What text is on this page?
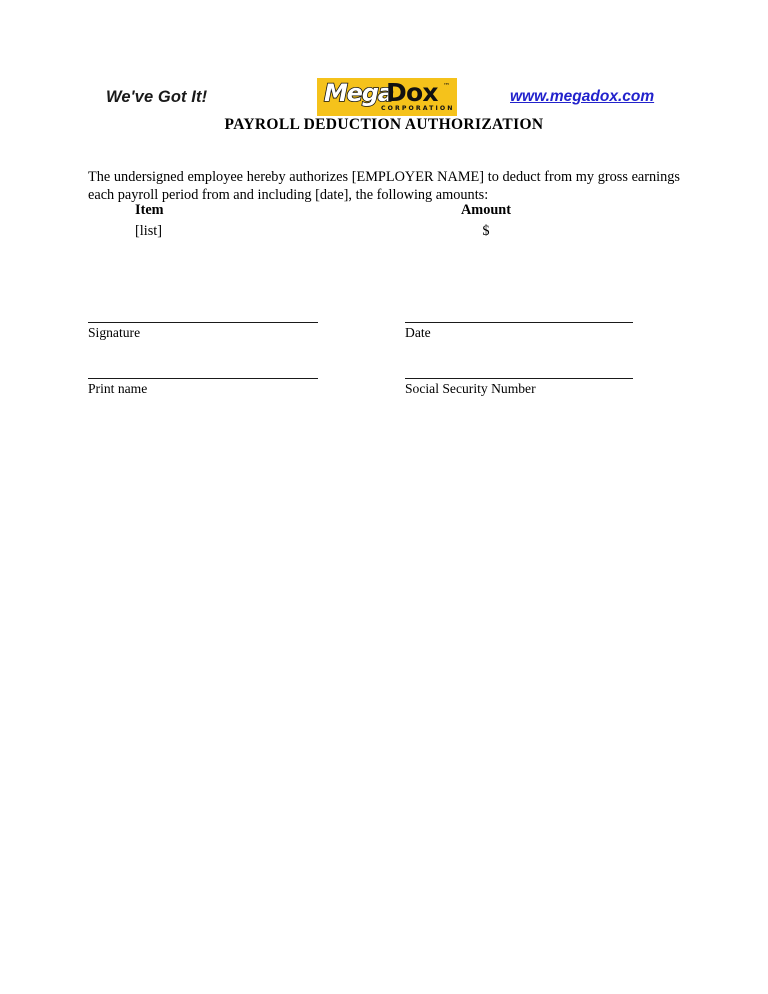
We've Got It!	Mega
Dox ™
CORPORATION
www.megadox.com
PAYROLL DEDUCTION AUTHORIZATION

The undersigned employee hereby authorizes [EMPLOYER NAME] to deduct from my gross earnings each payroll period from and including [date], the following amounts:

Item	Amount
[list]	$
Signature	Date
Print name	Social Security Number
